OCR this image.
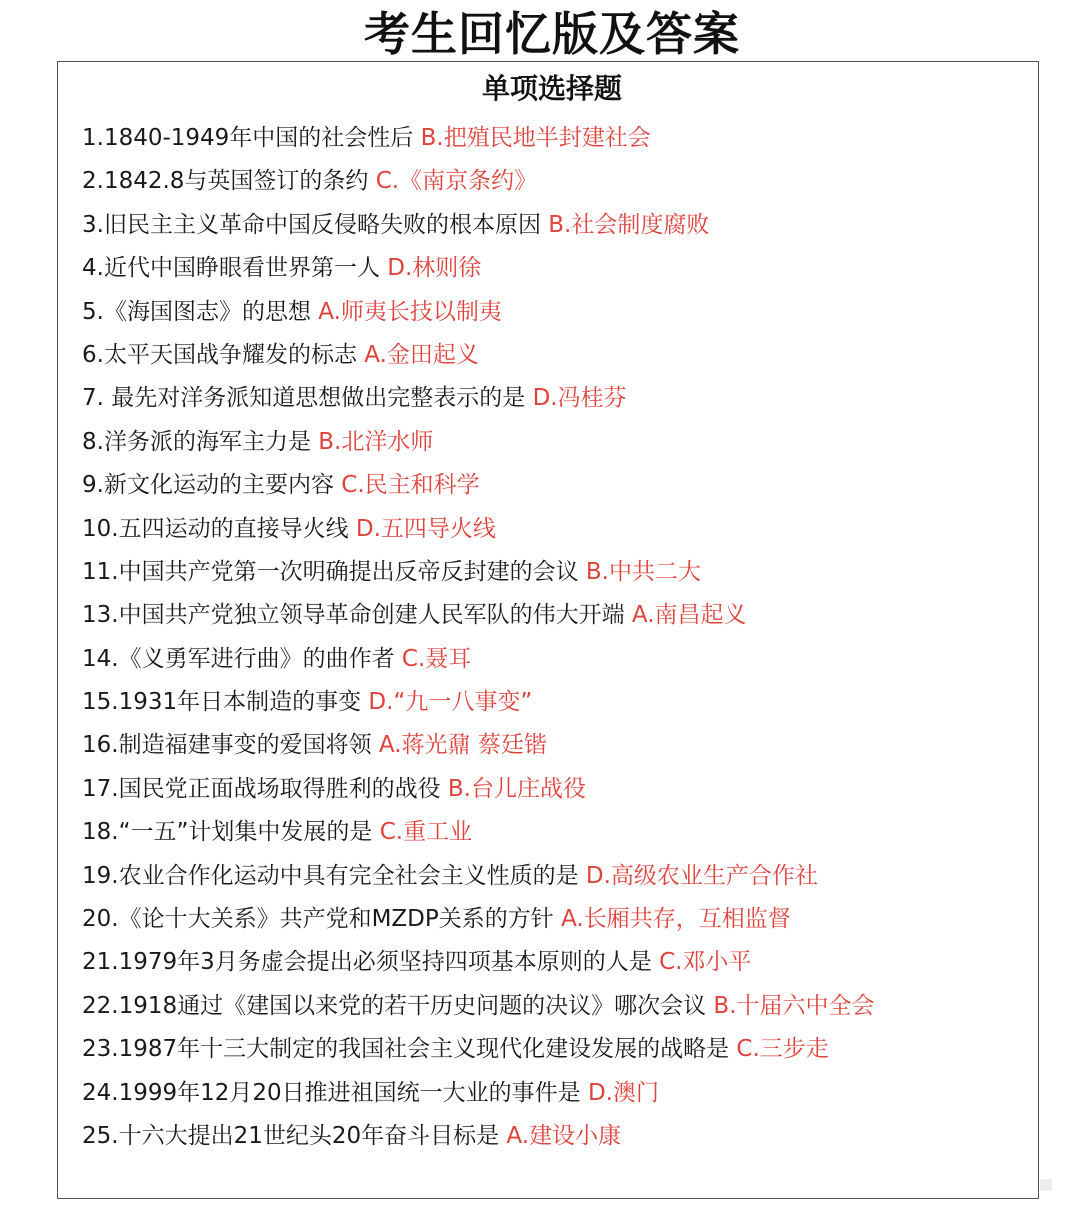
考生回忆版及答案
单项选择题
1.1840-1949年中国的社会性后 B.把殖民地半封建社会
2.1842.8与英国签订的条约 C.《南京条约》
3.旧民主主义革命中国反侵略失败的根本原因 B.社会制度腐败
4.近代中国睁眼看世界第一人 D.林则徐
5.《海国图志》的思想 A.师夷长技以制夷
6.太平天国战争耀发的标志 A.金田起义
7. 最先对洋务派知道思想做出完整表示的是 D.冯桂芬
8.洋务派的海军主力是 B.北洋水师
9.新文化运动的主要内容 C.民主和科学
10.五四运动的直接导火线 D.五四导火线
11.中国共产党第一次明确提出反帝反封建的会议 B.中共二大
13.中国共产党独立领导革命创建人民军队的伟大开端 A.南昌起义
14.《义勇军进行曲》的曲作者 C.聂耳
15.1931年日本制造的事变 D.“九一八事变”
16.制造福建事变的爱国将领 A.蒋光鼐 蔡廷锴
17.国民党正面战场取得胜利的战役 B.台儿庄战役
18.“一五”计划集中发展的是 C.重工业
19.农业合作化运动中具有完全社会主义性质的是 D.高级农业生产合作社
20.《论十大关系》共产党和MZDP关系的方针 A.长厢共存，互相监督
21.1979年3月务虚会提出必须坚持四项基本原则的人是 C.邓小平
22.1918通过《建国以来党的若干历史问题的决议》哪次会议 B.十届六中全会
23.1987年十三大制定的我国社会主义现代化建设发展的战略是 C.三步走
24.1999年12月20日推进祖国统一大业的事件是 D.澳门
25.十六大提出21世纪头20年奋斗目标是 A.建设小康
